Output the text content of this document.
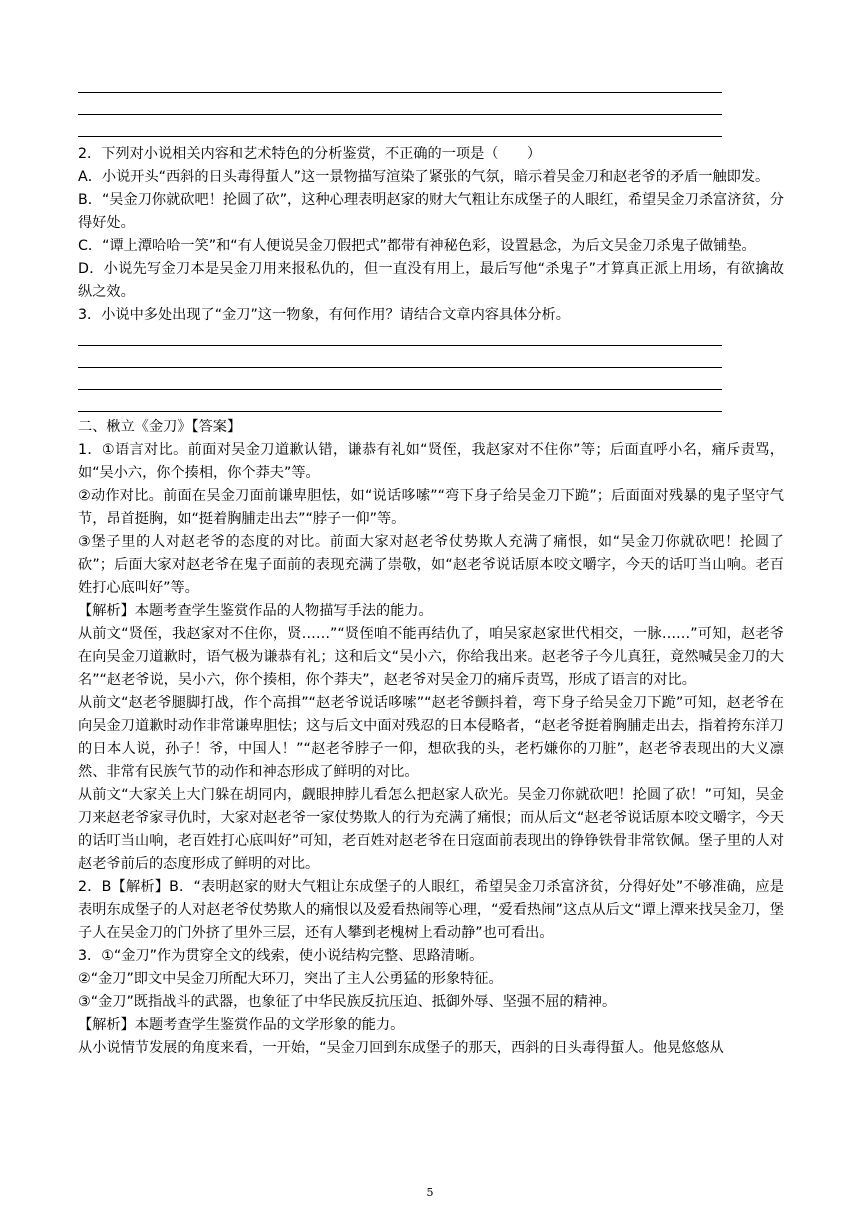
2．下列对小说相关内容和艺术特色的分析鉴赏，不正确的一项是（　　）

A．小说开头“西斜的日头毒得蜇人”这一景物描写渲染了紧张的气氛，暗示着吴金刀和赵老爷的矛盾一触即发。

B．“吴金刀你就砍吧！抡圆了砍”，这种心理表明赵家的财大气粗让东成堡子的人眼红，希望吴金刀杀富济贫，分得好处。

C．“谭上潭哈哈一笑”和“有人便说吴金刀假把式”都带有神秘色彩，设置悬念，为后文吴金刀杀鬼子做铺垫。

D．小说先写金刀本是吴金刀用来报私仇的，但一直没有用上，最后写他“杀鬼子”才算真正派上用场，有欲擒故纵之效。

3．小说中多处出现了“金刀”这一物象，有何作用？请结合文章内容具体分析。

二、楸立《金刀》【答案】

1．①语言对比。前面对吴金刀道歉认错，谦恭有礼如“贤侄，我赵家对不住你”等；后面直呼小名，痛斥责骂，如“吴小六，你个揍相，你个莽夫”等。

②动作对比。前面在吴金刀面前谦卑胆怯，如“说话哆嗦”“弯下身子给吴金刀下跪”；后面面对残暴的鬼子坚守气节，昂首挺胸，如“挺着胸脯走出去”“脖子一仰”等。

③堡子里的人对赵老爷的态度的对比。前面大家对赵老爷仗势欺人充满了痛恨，如“吴金刀你就砍吧！抡圆了砍”；后面大家对赵老爷在鬼子面前的表现充满了崇敬，如“赵老爷说话原本咬文嚼字，今天的话叮当山响。老百姓打心底叫好”等。

【解析】本题考查学生鉴赏作品的人物描写手法的能力。

从前文“贤侄，我赵家对不住你，贤……”“贤侄咱不能再结仇了，咱吴家赵家世代相交，一脉……”可知，赵老爷在向吴金刀道歉时，语气极为谦恭有礼；这和后文“吴小六，你给我出来。赵老爷子今儿真狂，竟然喊吴金刀的大名”“赵老爷说，吴小六，你个揍相，你个莽夫”，赵老爷对吴金刀的痛斥责骂，形成了语言的对比。

从前文“赵老爷腿脚打战，作个高揖”“赵老爷说话哆嗦”“赵老爷颤抖着，弯下身子给吴金刀下跪”可知，赵老爷在向吴金刀道歉时动作非常谦卑胆怯；这与后文中面对残忍的日本侵略者，“赵老爷挺着胸脯走出去，指着挎东洋刀的日本人说，孙子！爷，中国人！”“赵老爷脖子一仰，想砍我的头，老朽嫌你的刀脏”，赵老爷表现出的大义凛然、非常有民族气节的动作和神态形成了鲜明的对比。

从前文“大家关上大门躲在胡同内，觑眼抻脖儿看怎么把赵家人砍光。吴金刀你就砍吧！抡圆了砍！”可知，吴金刀来赵老爷家寻仇时，大家对赵老爷一家仗势欺人的行为充满了痛恨；而从后文“赵老爷说话原本咬文嚼字，今天的话叮当山响，老百姓打心底叫好”可知，老百姓对赵老爷在日寇面前表现出的铮铮铁骨非常钦佩。堡子里的人对赵老爷前后的态度形成了鲜明的对比。

2．B【解析】B．“表明赵家的财大气粗让东成堡子的人眼红，希望吴金刀杀富济贫，分得好处”不够准确，应是表明东成堡子的人对赵老爷仗势欺人的痛恨以及爱看热闹等心理，“爱看热闹”这点从后文“谭上潭来找吴金刀，堡子人在吴金刀的门外挤了里外三层，还有人攀到老槐树上看动静”也可看出。

3．①“金刀”作为贯穿全文的线索，使小说结构完整、思路清晰。

②“金刀”即文中吴金刀所配大环刀，突出了主人公勇猛的形象特征。

③“金刀”既指战斗的武器，也象征了中华民族反抗压迫、抵御外辱、坚强不屈的精神。

【解析】本题考查学生鉴赏作品的文学形象的能力。

从小说情节发展的角度来看，一开始，“吴金刀回到东成堡子的那天，西斜的日头毒得蜇人。他晃悠悠从

5
